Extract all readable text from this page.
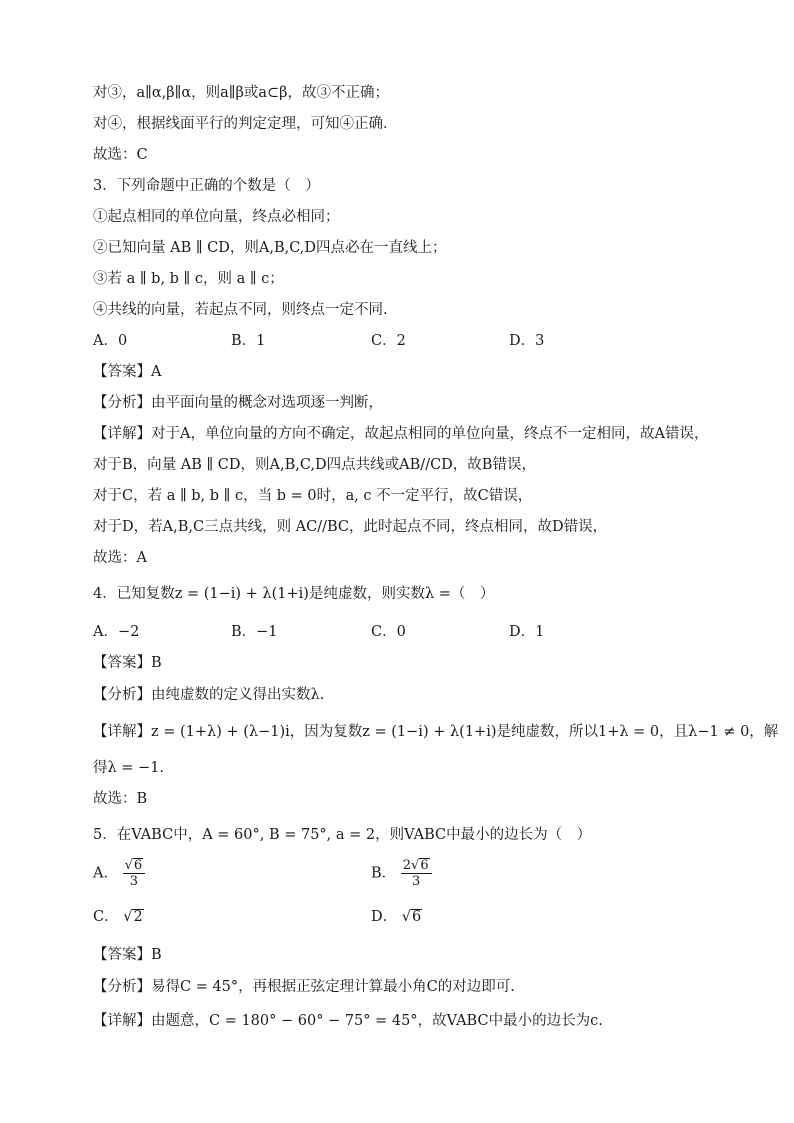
对③，a∥α,β∥α，则a∥β或a⊂β，故③不正确；
对④，根据线面平行的判定定理，可知④正确．
故选：C
3．下列命题中正确的个数是（　）
①起点相同的单位向量，终点必相同；
②已知向量 AB ∥ CD，则A,B,C,D四点必在一直线上；
③若 a ∥ b, b ∥ c，则 a ∥ c；
④共线的向量，若起点不同，则终点一定不同.
A．0	B．1	C．2	D．3
【答案】A
【分析】由平面向量的概念对选项逐一判断，
【详解】对于A，单位向量的方向不确定，故起点相同的单位向量，终点不一定相同，故A错误，
对于B，向量 AB ∥ CD，则A,B,C,D四点共线或AB//CD，故B错误，
对于C，若 a ∥ b, b ∥ c，当 b = 0时，a, c 不一定平行，故C错误，
对于D，若A,B,C三点共线，则 AC//BC，此时起点不同，终点相同，故D错误，
故选：A
4．已知复数z = (1−i) + λ(1+i)是纯虚数，则实数λ =（　）
A．−2	B．−1	C．0	D．1
【答案】B
【分析】由纯虚数的定义得出实数λ.
【详解】z = (1+λ) + (λ−1)i，因为复数z = (1−i) + λ(1+i)是纯虚数，所以1+λ = 0，且λ−1 ≠ 0，解
得λ = −1.
故选：B
5．在VABC中，A = 60°, B = 75°, a = 2，则VABC中最小的边长为（　）
A． $\frac{√6}{3}$	B． $\frac{2√6}{3}$
C． √2	D． √6
【答案】B
【分析】易得C = 45°，再根据正弦定理计算最小角C的对边即可.
【详解】由题意，C = 180° − 60° − 75° = 45°，故VABC中最小的边长为c.
